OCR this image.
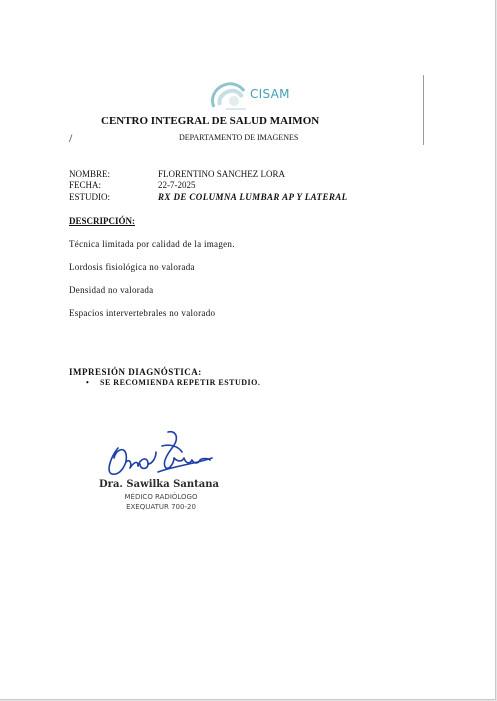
CISAM
CENTRO INTEGRAL DE SALUD MAIMON
/	DEPARTAMENTO DE IMAGENES
NOMBRE:	FLORENTINO SANCHEZ LORA
FECHA:	22-7-2025
ESTUDIO:	RX DE COLUMNA LUMBAR AP Y LATERAL
DESCRIPCIÓN:
Técnica limitada por calidad de la imagen.
Lordosis fisiológica no valorada
Densidad no valorada
Espacios intervertebrales no valorado
IMPRESIÓN DIAGNÓSTICA:
• SE RECOMIENDA REPETIR ESTUDIO.
Dra. Sawilka Santana
MÉDICO RADIÓLOGO
EXEQUATUR 700-20
